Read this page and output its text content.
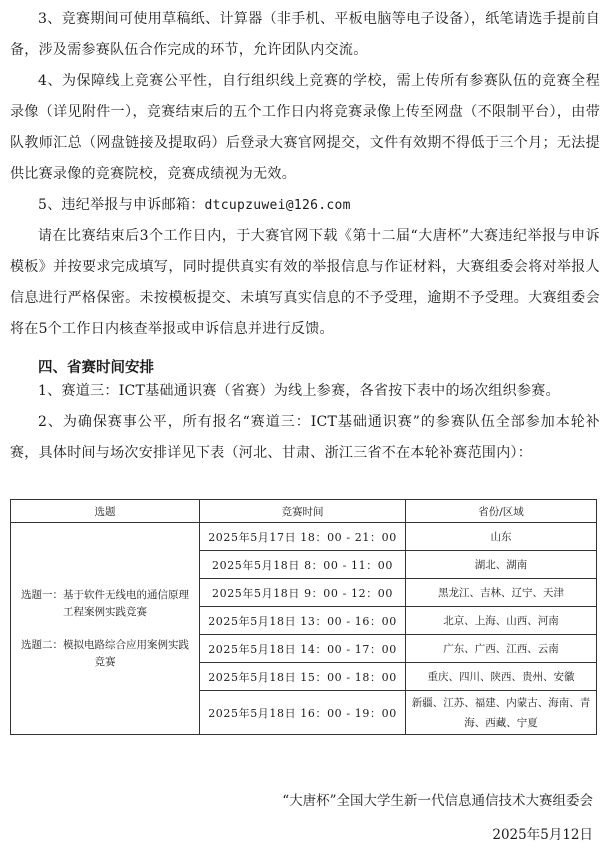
3、竞赛期间可使用草稿纸、计算器（非手机、平板电脑等电子设备），纸笔请选手提前自备，涉及需参赛队伍合作完成的环节，允许团队内交流。

4、为保障线上竞赛公平性，自行组织线上竞赛的学校，需上传所有参赛队伍的竞赛全程录像（详见附件一），竞赛结束后的五个工作日内将竞赛录像上传至网盘（不限制平台），由带队教师汇总（网盘链接及提取码）后登录大赛官网提交，文件有效期不得低于三个月；无法提供比赛录像的竞赛院校，竞赛成绩视为无效。

5、违纪举报与申诉邮箱：dtcupzuwei@126.com

请在比赛结束后3个工作日内，于大赛官网下载《第十二届“大唐杯”大赛违纪举报与申诉模板》并按要求完成填写，同时提供真实有效的举报信息与作证材料，大赛组委会将对举报人信息进行严格保密。未按模板提交、未填写真实信息的不予受理，逾期不予受理。大赛组委会将在5个工作日内核查举报或申诉信息并进行反馈。

四、省赛时间安排

1、赛道三：ICT基础通识赛（省赛）为线上参赛，各省按下表中的场次组织参赛。

2、为确保赛事公平，所有报名“赛道三：ICT基础通识赛”的参赛队伍全部参加本轮补赛，具体时间与场次安排详见下表（河北、甘肃、浙江三省不在本轮补赛范围内）：

选题	竞赛时间	省份/区域

选题一：基于软件无线电的通信原理工程案例实践竞赛
选题二：模拟电路综合应用案例实践竞赛	2025年5月17日 18：00 - 21：00	山东
	2025年5月18日 8：00 - 11：00	湖北、湖南
	2025年5月18日 9：00 - 12：00	黑龙江、吉林、辽宁、天津
	2025年5月18日 13：00 - 16：00	北京、上海、山西、河南
	2025年5月18日 14：00 - 17：00	广东、广西、江西、云南
	2025年5月18日 15：00 - 18：00	重庆、四川、陕西、贵州、安徽
	2025年5月18日 16：00 - 19：00	新疆、江苏、福建、内蒙古、海南、青海、西藏、宁夏

“大唐杯”全国大学生新一代信息通信技术大赛组委会

2025年5月12日
